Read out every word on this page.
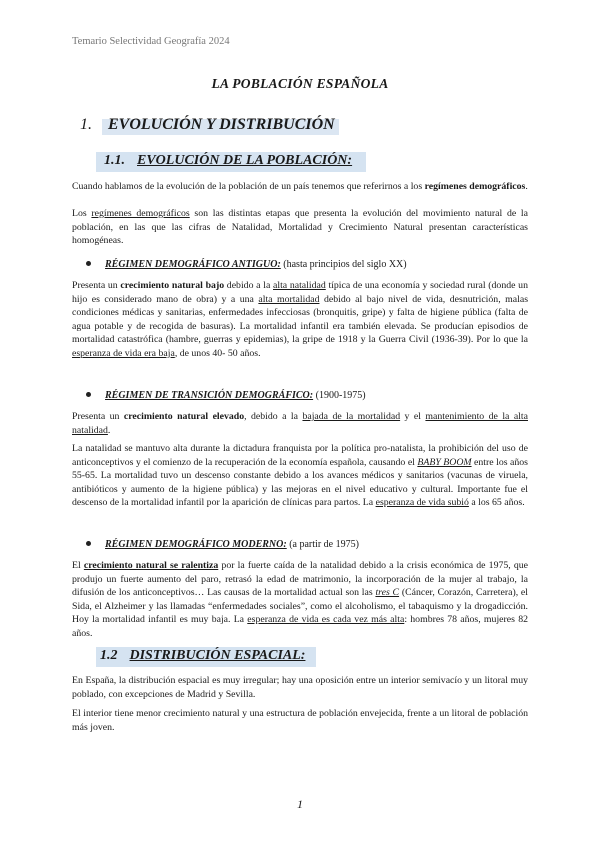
Temario Selectividad Geografía 2024
LA POBLACIÓN ESPAÑOLA
1. EVOLUCIÓN Y DISTRIBUCIÓN
1.1. EVOLUCIÓN DE LA POBLACIÓN:
Cuando hablamos de la evolución de la población de un país tenemos que referirnos a los regímenes demográficos.
Los regímenes demográficos son las distintas etapas que presenta la evolución del movimiento natural de la población, en las que las cifras de Natalidad, Mortalidad y Crecimiento Natural presentan características homogéneas.
RÉGIMEN DEMOGRÁFICO ANTIGUO: (hasta principios del siglo XX)
Presenta un crecimiento natural bajo debido a la alta natalidad típica de una economía y sociedad rural (donde un hijo es considerado mano de obra) y a una alta mortalidad debido al bajo nivel de vida, desnutrición, malas condiciones médicas y sanitarias, enfermedades infecciosas (bronquitis, gripe) y falta de higiene pública (falta de agua potable y de recogida de basuras). La mortalidad infantil era también elevada. Se producían episodios de mortalidad catastrófica (hambre, guerras y epidemias), la gripe de 1918 y la Guerra Civil (1936-39). Por lo que la esperanza de vida era baja, de unos 40- 50 años.
RÉGIMEN DE TRANSICIÓN DEMOGRÁFICO: (1900-1975)
Presenta un crecimiento natural elevado, debido a la bajada de la mortalidad y el mantenimiento de la alta natalidad.
La natalidad se mantuvo alta durante la dictadura franquista por la política pro-natalista, la prohibición del uso de anticonceptivos y el comienzo de la recuperación de la economía española, causando el BABY BOOM entre los años 55-65. La mortalidad tuvo un descenso constante debido a los avances médicos y sanitarios (vacunas de viruela, antibióticos y aumento de la higiene pública) y las mejoras en el nivel educativo y cultural. Importante fue el descenso de la mortalidad infantil por la aparición de clínicas para partos. La esperanza de vida subió a los 65 años.
RÉGIMEN DEMOGRÁFICO MODERNO: (a partir de 1975)
El crecimiento natural se ralentiza por la fuerte caída de la natalidad debido a la crisis económica de 1975, que produjo un fuerte aumento del paro, retrasó la edad de matrimonio, la incorporación de la mujer al trabajo, la difusión de los anticonceptivos… Las causas de la mortalidad actual son las tres C (Cáncer, Corazón, Carretera), el Sida, el Alzheimer y las llamadas “enfermedades sociales”, como el alcoholismo, el tabaquismo y la drogadicción. Hoy la mortalidad infantil es muy baja. La esperanza de vida es cada vez más alta: hombres 78 años, mujeres 82 años.
1.2 DISTRIBUCIÓN ESPACIAL:
En España, la distribución espacial es muy irregular; hay una oposición entre un interior semivacío y un litoral muy poblado, con excepciones de Madrid y Sevilla.
El interior tiene menor crecimiento natural y una estructura de población envejecida, frente a un litoral de población más joven.
1
